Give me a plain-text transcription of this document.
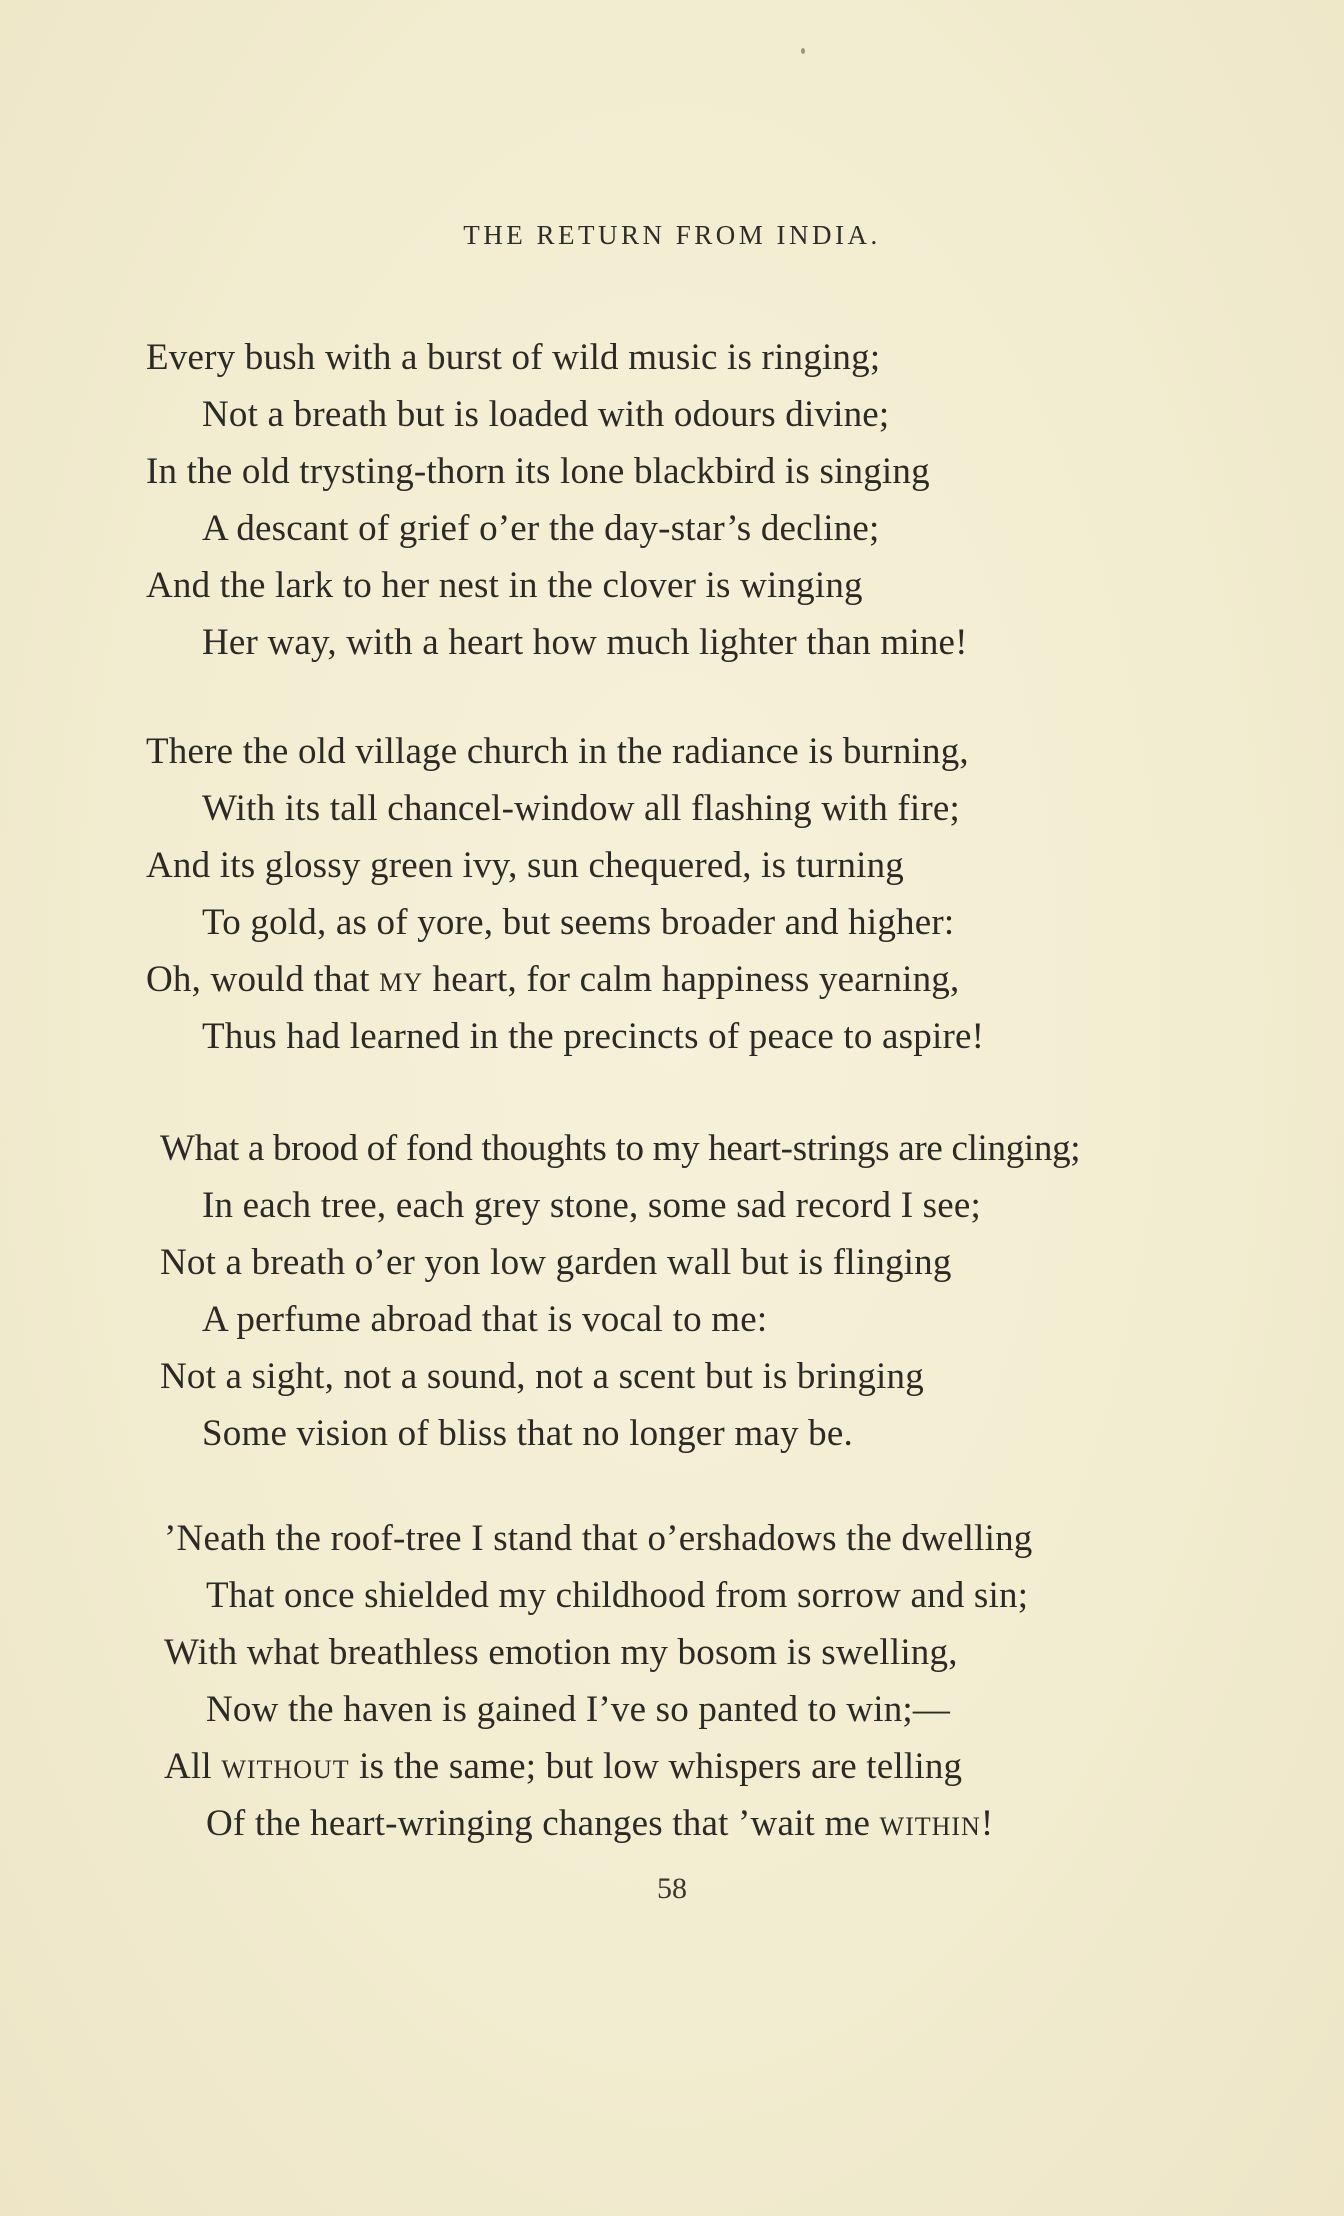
THE RETURN FROM INDIA.
Every bush with a burst of wild music is ringing;
Not a breath but is loaded with odours divine;
In the old trysting-thorn its lone blackbird is singing
A descant of grief o’er the day-star’s decline;
And the lark to her nest in the clover is winging
Her way, with a heart how much lighter than mine!
There the old village church in the radiance is burning,
With its tall chancel-window all flashing with fire;
And its glossy green ivy, sun chequered, is turning
To gold, as of yore, but seems broader and higher:
Oh, would that my heart, for calm happiness yearning,
Thus had learned in the precincts of peace to aspire!
What a brood of fond thoughts to my heart-strings are clinging;
In each tree, each grey stone, some sad record I see;
Not a breath o’er yon low garden wall but is flinging
A perfume abroad that is vocal to me:
Not a sight, not a sound, not a scent but is bringing
Some vision of bliss that no longer may be.
’Neath the roof-tree I stand that o’ershadows the dwelling
That once shielded my childhood from sorrow and sin;
With what breathless emotion my bosom is swelling,
Now the haven is gained I’ve so panted to win;—
All without is the same; but low whispers are telling
Of the heart-wringing changes that ’wait me within!
58
